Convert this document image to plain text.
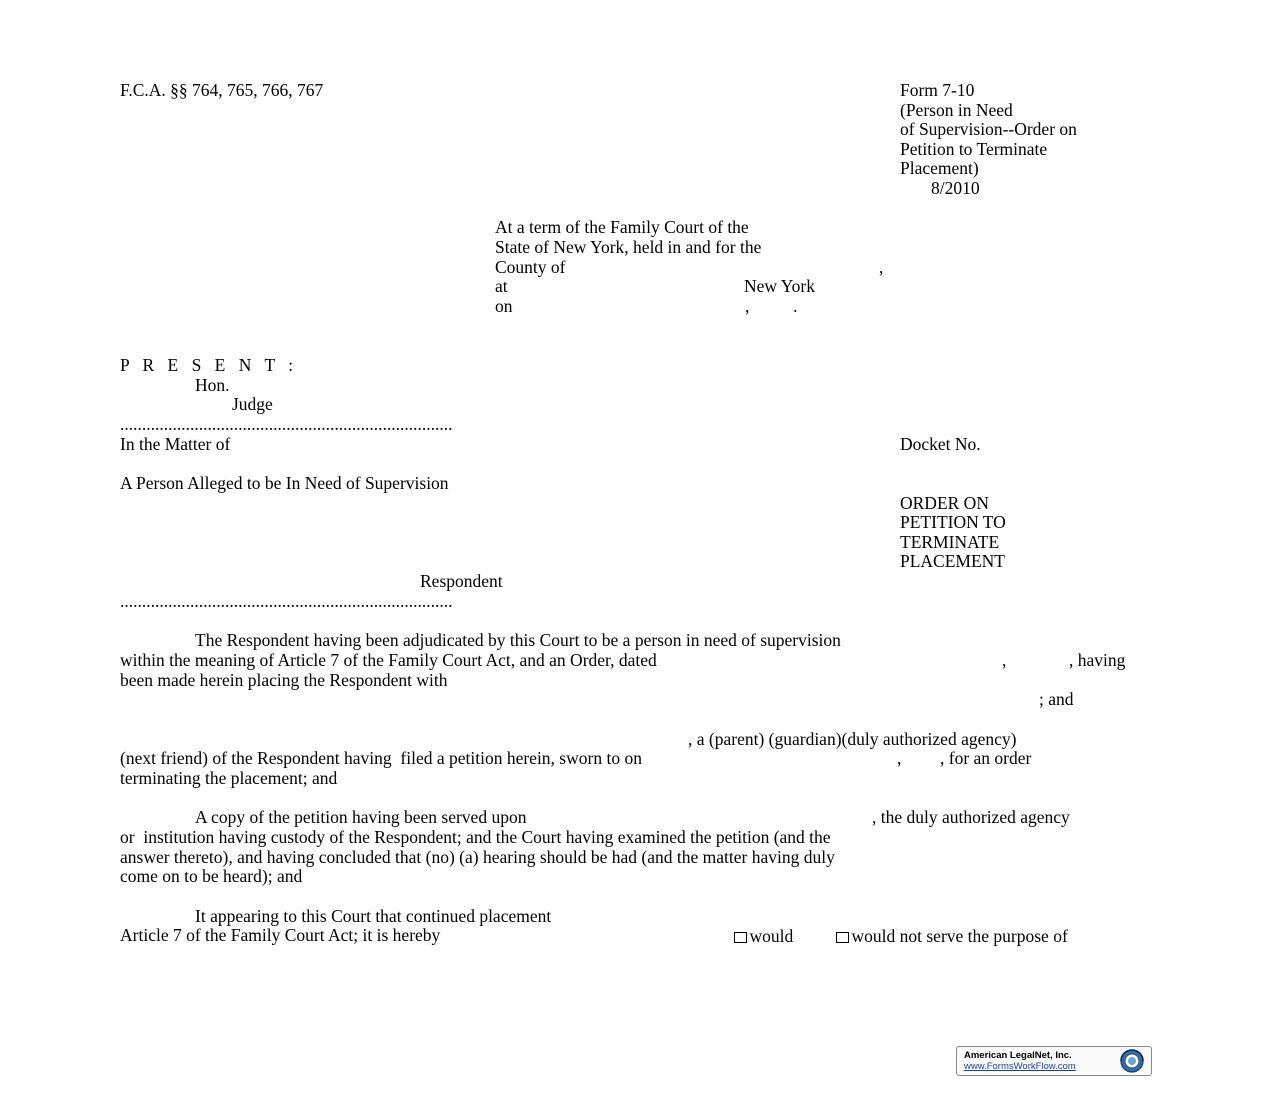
F.C.A. §§ 764, 765, 766, 767	Form 7-10
(Person in Need
of Supervision--Order on
Petition to Terminate
Placement)
8/2010
At a term of the Family Court of the
State of New York, held in and for the
County of	,
at	New York
on	,          .
P R E S E N T :
Hon.
Judge
............................................................................
In the Matter of	Docket No.
A Person Alleged to be In Need of Supervision
ORDER ON
PETITION TO
TERMINATE
PLACEMENT
Respondent
............................................................................
The Respondent having been adjudicated by this Court to be a person in need of supervision
within the meaning of Article 7 of the Family Court Act, and an Order, dated	,	, having
been made herein placing the Respondent with
; and
, a (parent) (guardian)(duly authorized agency)
(next friend) of the Respondent having  filed a petition herein, sworn to on	, , for an order
terminating the placement; and
A copy of the petition having been served upon	, the duly authorized agency
or  institution having custody of the Respondent; and the Court having examined the petition (and the
answer thereto), and having concluded that (no) (a) hearing should be had (and the matter having duly
come on to be heard); and
It appearing to this Court that continued placement

would
	would not serve the purpose of

Article 7 of the Family Court Act; it is hereby
American LegalNet, Inc.
www.FormsWorkFlow.com
